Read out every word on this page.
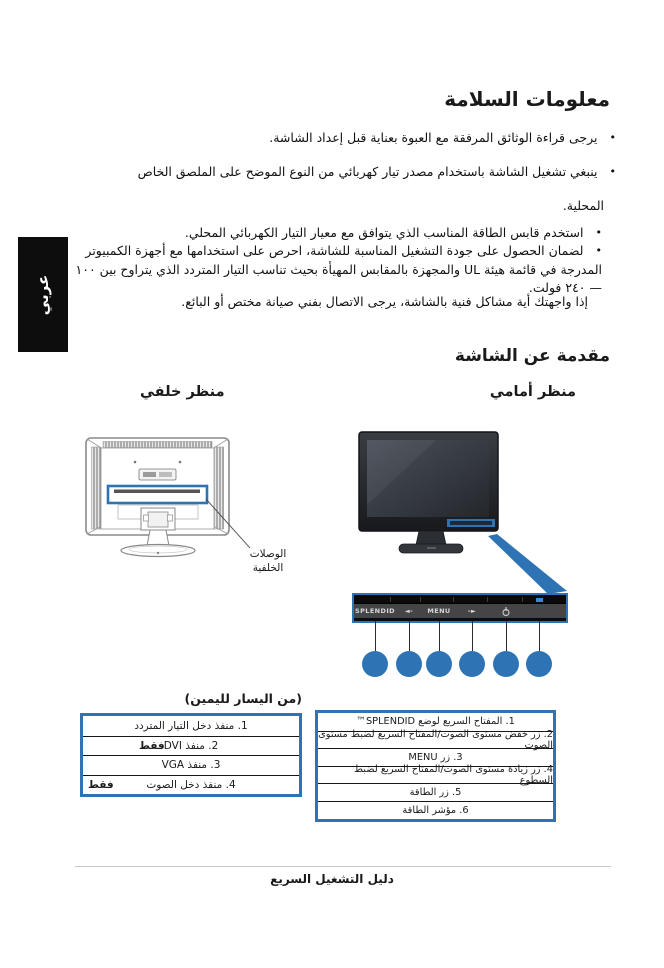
عربي
معلومات السلامة
•يرجى قراءة الوثائق المرفقة مع العبوة بعناية قبل إعداد الشاشة.
•ينبغي تشغيل الشاشة باستخدام مصدر تيار كهربائي من النوع الموضح على الملصق الخاص
المحلية.
•استخدم قابس الطاقة المناسب الذي يتوافق مع معيار التيار الكهربائي المحلي.
•لضمان الحصول على جودة التشغيل المناسبة للشاشة، احرص على استخدامها مع أجهزة الكمبيوتر المدرجة في قائمة هيئة UL والمجهزة بالمقابس المهيأة بحيث تناسب التيار المتردد الذي يتراوح بين ١٠٠ — ٢٤٠ فولت.
إذا واجهتك أية مشاكل فنية بالشاشة، يرجى الاتصال بفني صيانة مختص أو البائع.
مقدمة عن الشاشة
منظر أمامي
منظر خلفي
الوصلات
الخلفية
SPLENDID ◄- MENU	-►
(من اليسار لليمين)
1. منفذ دخل التيار المتردد
2. منفذ DVI
فقط
3. منفذ VGA
4. منفذ دخل الصوت
فقط
1. المفتاح السريع لوضع SPLENDID™
2. زر خفض مستوى الصوت/المفتاح السريع لضبط مستوى الصوت
3. زر MENU
4. زر زيادة مستوى الصوت/المفتاح السريع لضبط السطوع
5. زر الطاقة
6. مؤشر الطاقة
دليل التشغيل السريع
